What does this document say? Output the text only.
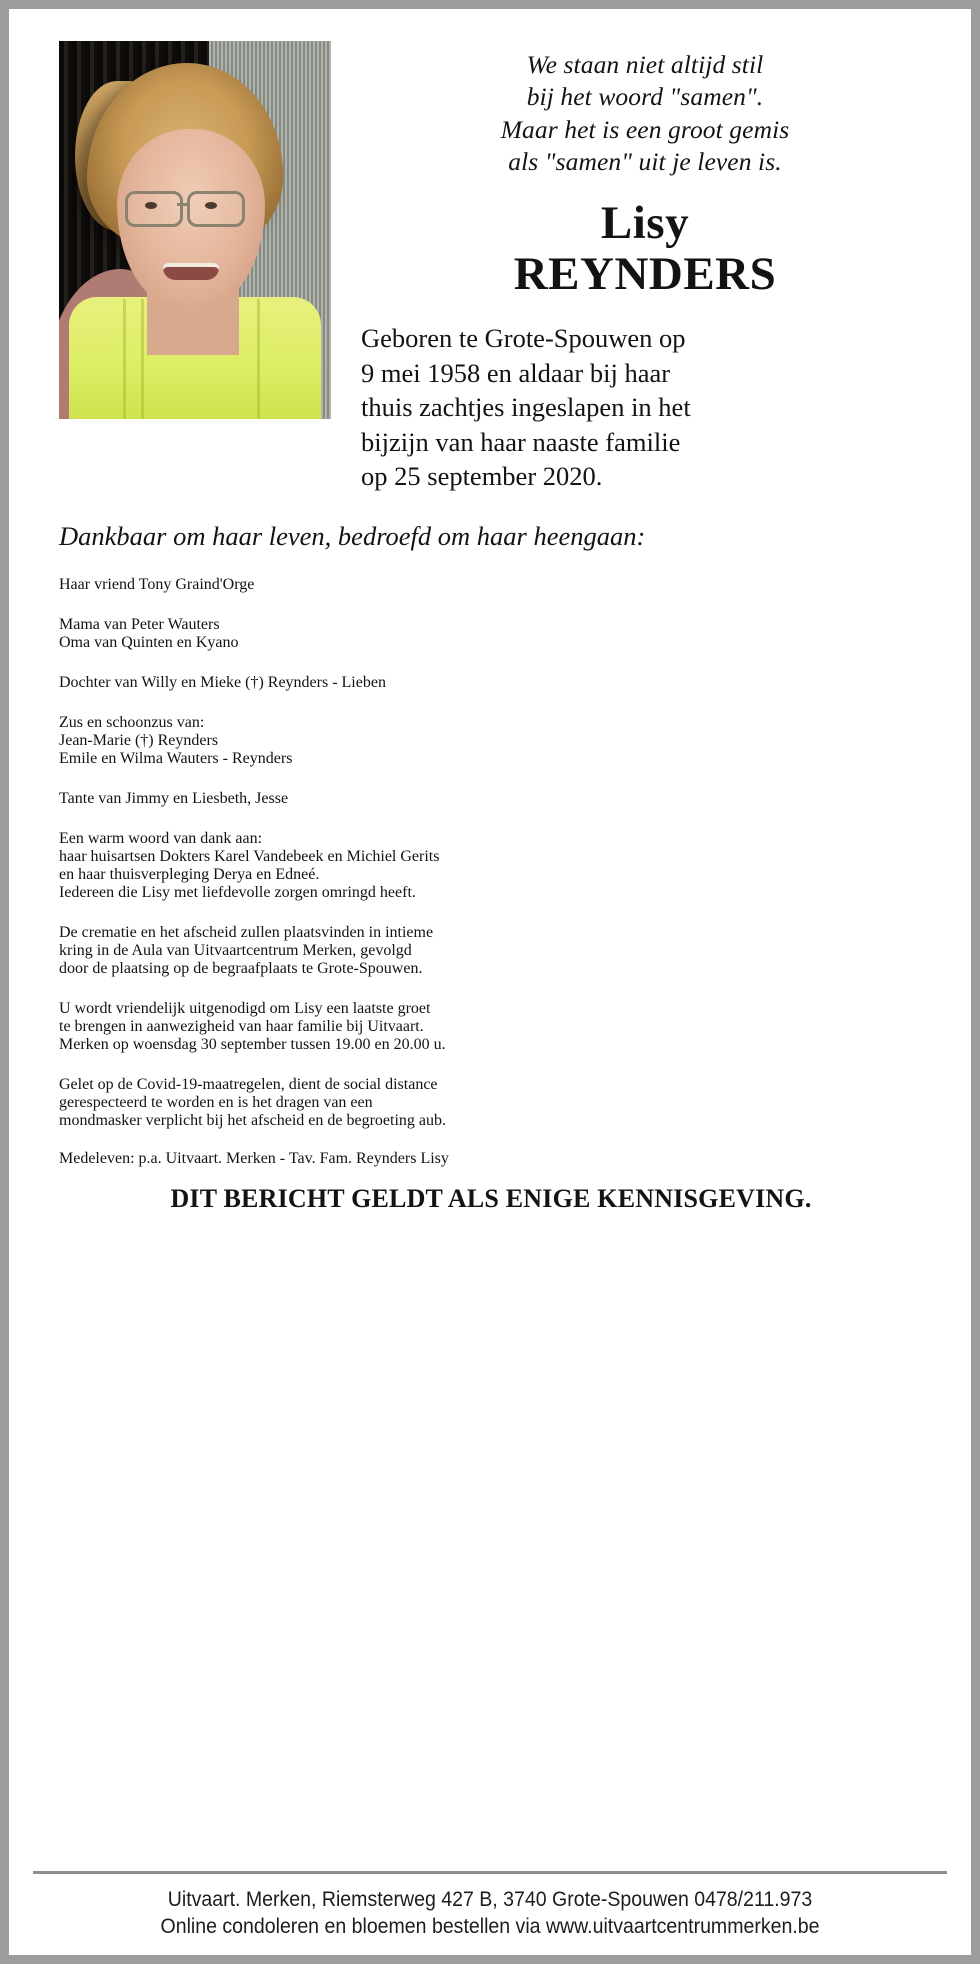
We staan niet altijd stil
bij het woord "samen".
Maar het is een groot gemis
als "samen" uit je leven is.
Lisy
REYNDERS
Geboren te Grote-Spouwen op
9 mei 1958 en aldaar bij haar
thuis zachtjes ingeslapen in het
bijzijn van haar naaste familie
op 25 september 2020.

Dankbaar om haar leven, bedroefd om haar heengaan:

Haar vriend Tony Graind'Orge

Mama van Peter Wauters
Oma van Quinten en Kyano

Dochter van Willy en Mieke (†) Reynders - Lieben

Zus en schoonzus van:
Jean-Marie (†) Reynders
Emile en Wilma Wauters - Reynders

Tante van Jimmy en Liesbeth, Jesse

Een warm woord van dank aan:
haar huisartsen Dokters Karel Vandebeek en Michiel Gerits
en haar thuisverpleging Derya en Edneé.
Iedereen die Lisy met liefdevolle zorgen omringd heeft.

De crematie en het afscheid zullen plaatsvinden in intieme
kring in de Aula van Uitvaartcentrum Merken, gevolgd
door de plaatsing op de begraafplaats te Grote-Spouwen.

U wordt vriendelijk uitgenodigd om Lisy een laatste groet
te brengen in aanwezigheid van haar familie bij Uitvaart.
Merken op woensdag 30 september tussen 19.00 en 20.00 u.

Gelet op de Covid-19-maatregelen, dient de social distance
gerespecteerd te worden en is het dragen van een
mondmasker verplicht bij het afscheid en de begroeting aub.

Medeleven: p.a. Uitvaart. Merken - Tav. Fam. Reynders Lisy

DIT BERICHT GELDT ALS ENIGE KENNISGEVING.

Uitvaart. Merken, Riemsterweg 427 B, 3740 Grote-Spouwen 0478/211.973
Online condoleren en bloemen bestellen via www.uitvaartcentrummerken.be
